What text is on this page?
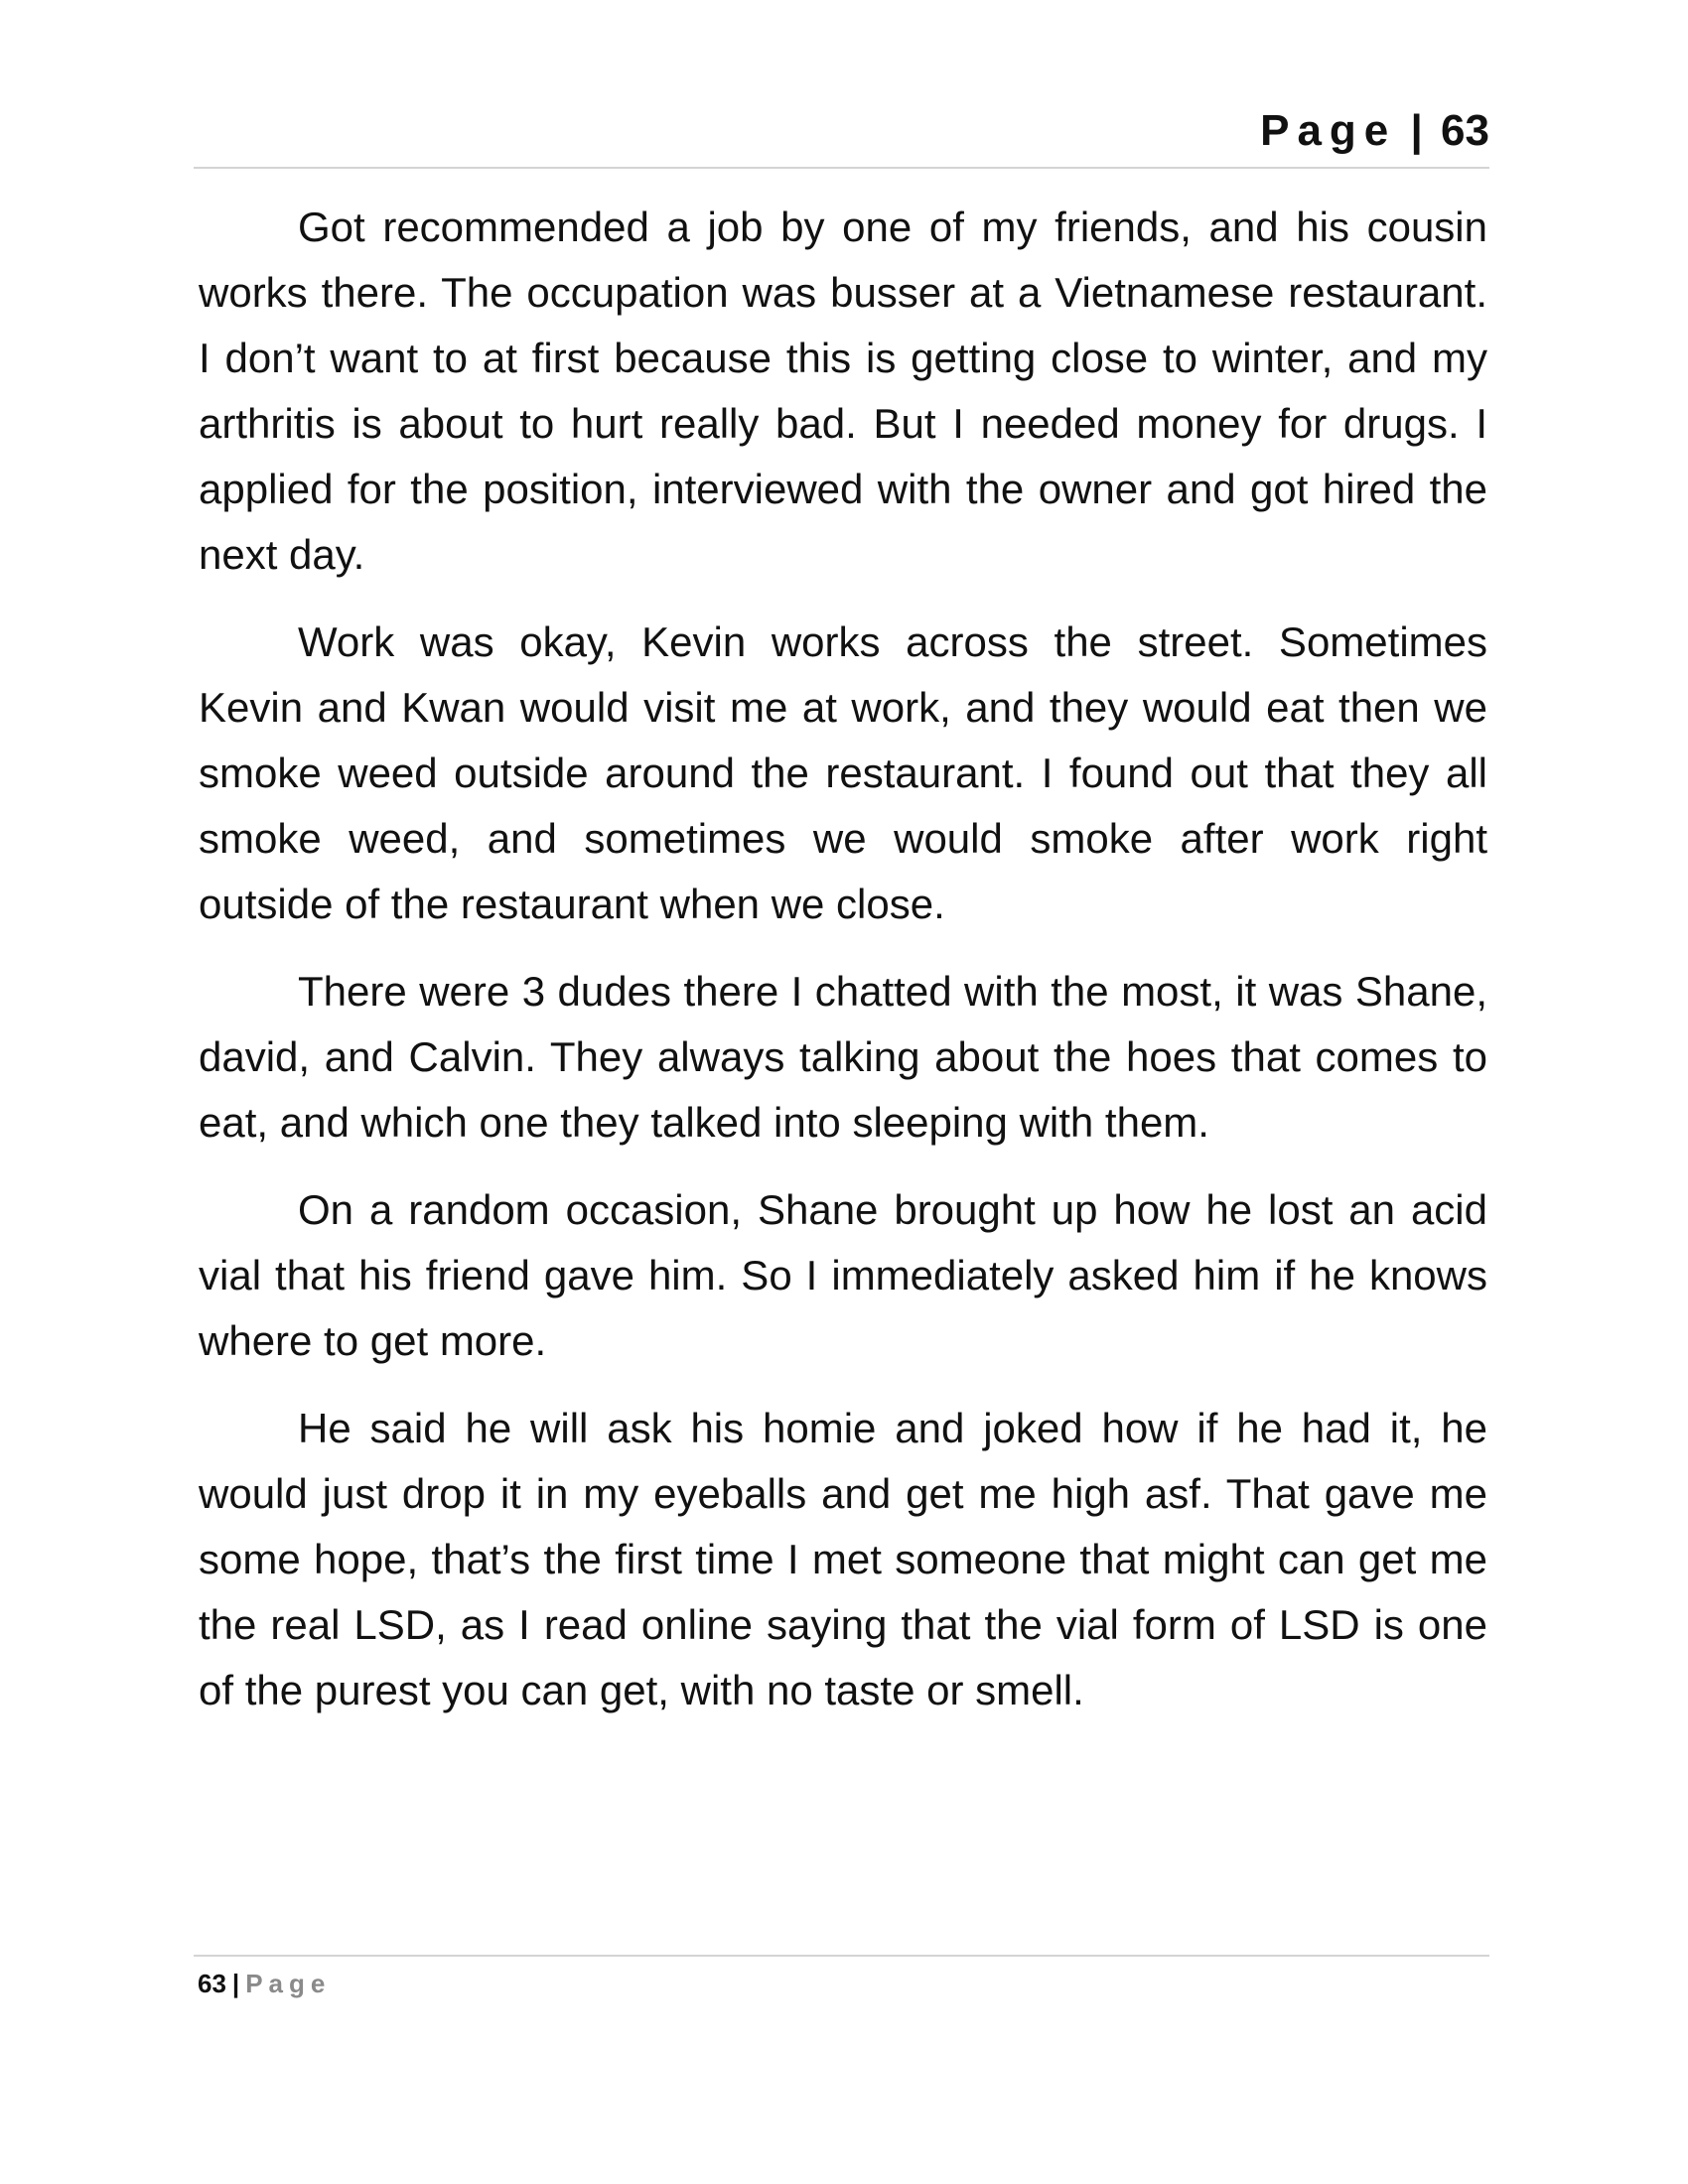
Page | 63

Got recommended a job by one of my friends, and his cousin works there. The occupation was busser at a Vietnamese restaurant. I don’t want to at first because this is getting close to winter, and my arthritis is about to hurt really bad. But I needed money for drugs. I applied for the position, interviewed with the owner and got hired the next day.

Work was okay, Kevin works across the street. Sometimes Kevin and Kwan would visit me at work, and they would eat then we smoke weed outside around the restaurant. I found out that they all smoke weed, and sometimes we would smoke after work right outside of the restaurant when we close.

There were 3 dudes there I chatted with the most, it was Shane, david, and Calvin. They always talking about the hoes that comes to eat, and which one they talked into sleeping with them.

On a random occasion, Shane brought up how he lost an acid vial that his friend gave him. So I immediately asked him if he knows where to get more.

He said he will ask his homie and joked how if he had it, he would just drop it in my eyeballs and get me high asf. That gave me some hope, that’s the first time I met someone that might can get me the real LSD, as I read online saying that the vial form of LSD is one of the purest you can get, with no taste or smell.

63 | Page
